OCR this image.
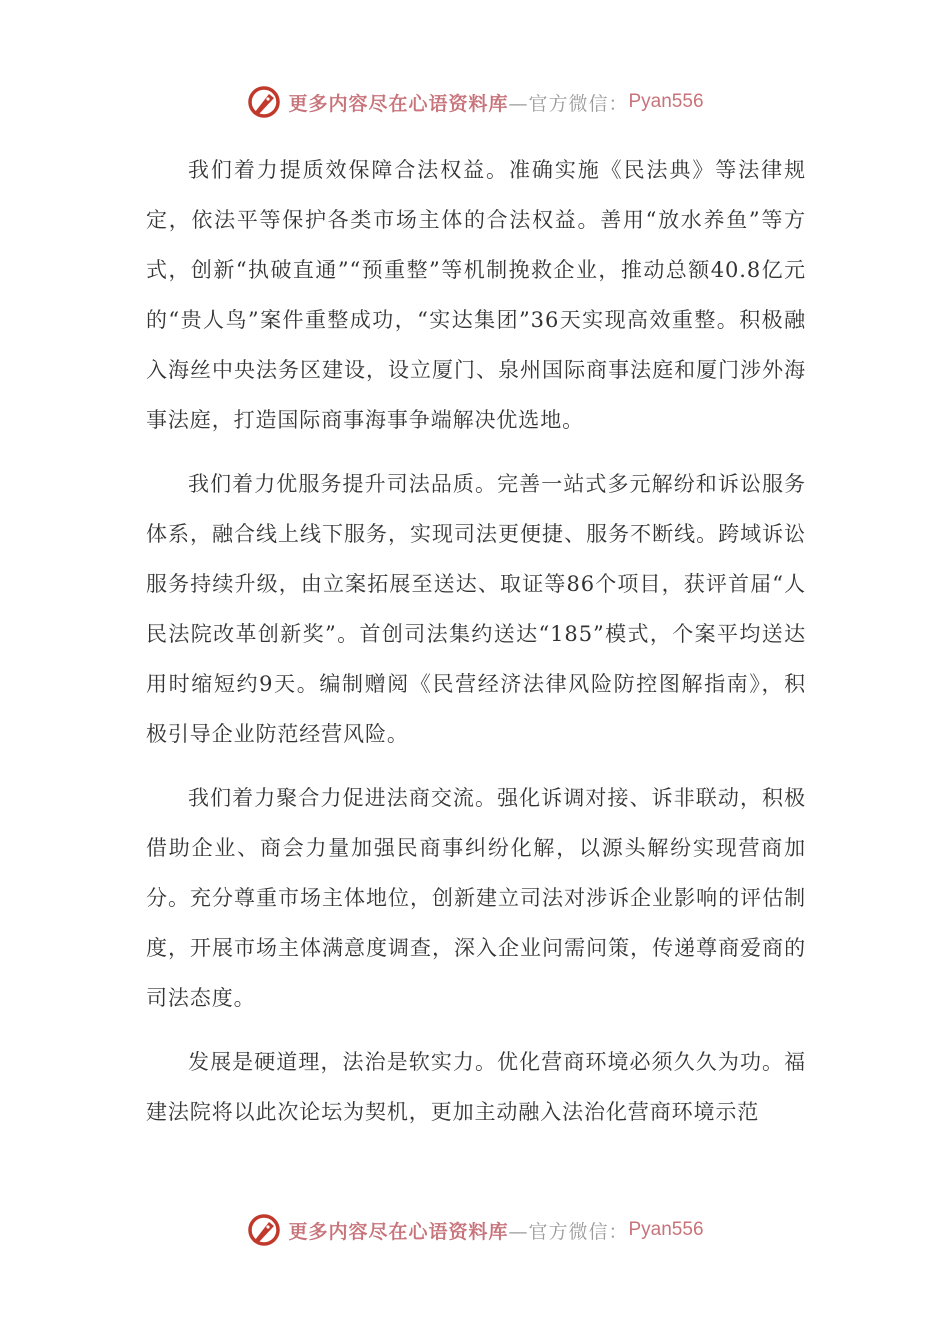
更多内容尽在心语资料库 —官方微信： Pyan556

我们着力提质效保障合法权益。准确实施《民法典》等法律规定，依法平等保护各类市场主体的合法权益。善用“放水养鱼”等方式，创新“执破直通”“预重整”等机制挽救企业，推动总额40.8亿元的“贵人鸟”案件重整成功，“实达集团”36天实现高效重整。积极融入海丝中央法务区建设，设立厦门、泉州国际商事法庭和厦门涉外海事法庭，打造国际商事海事争端解决优选地。

我们着力优服务提升司法品质。完善一站式多元解纷和诉讼服务体系，融合线上线下服务，实现司法更便捷、服务不断线。跨域诉讼服务持续升级，由立案拓展至送达、取证等86个项目，获评首届“人民法院改革创新奖”。首创司法集约送达“185”模式，个案平均送达用时缩短约9天。编制赠阅《民营经济法律风险防控图解指南》，积极引导企业防范经营风险。

我们着力聚合力促进法商交流。强化诉调对接、诉非联动，积极借助企业、商会力量加强民商事纠纷化解，以源头解纷实现营商加分。充分尊重市场主体地位，创新建立司法对涉诉企业影响的评估制度，开展市场主体满意度调查，深入企业问需问策，传递尊商爱商的司法态度。

发展是硬道理，法治是软实力。优化营商环境必须久久为功。福建法院将以此次论坛为契机，更加主动融入法治化营商环境示范

更多内容尽在心语资料库 —官方微信： Pyan556
